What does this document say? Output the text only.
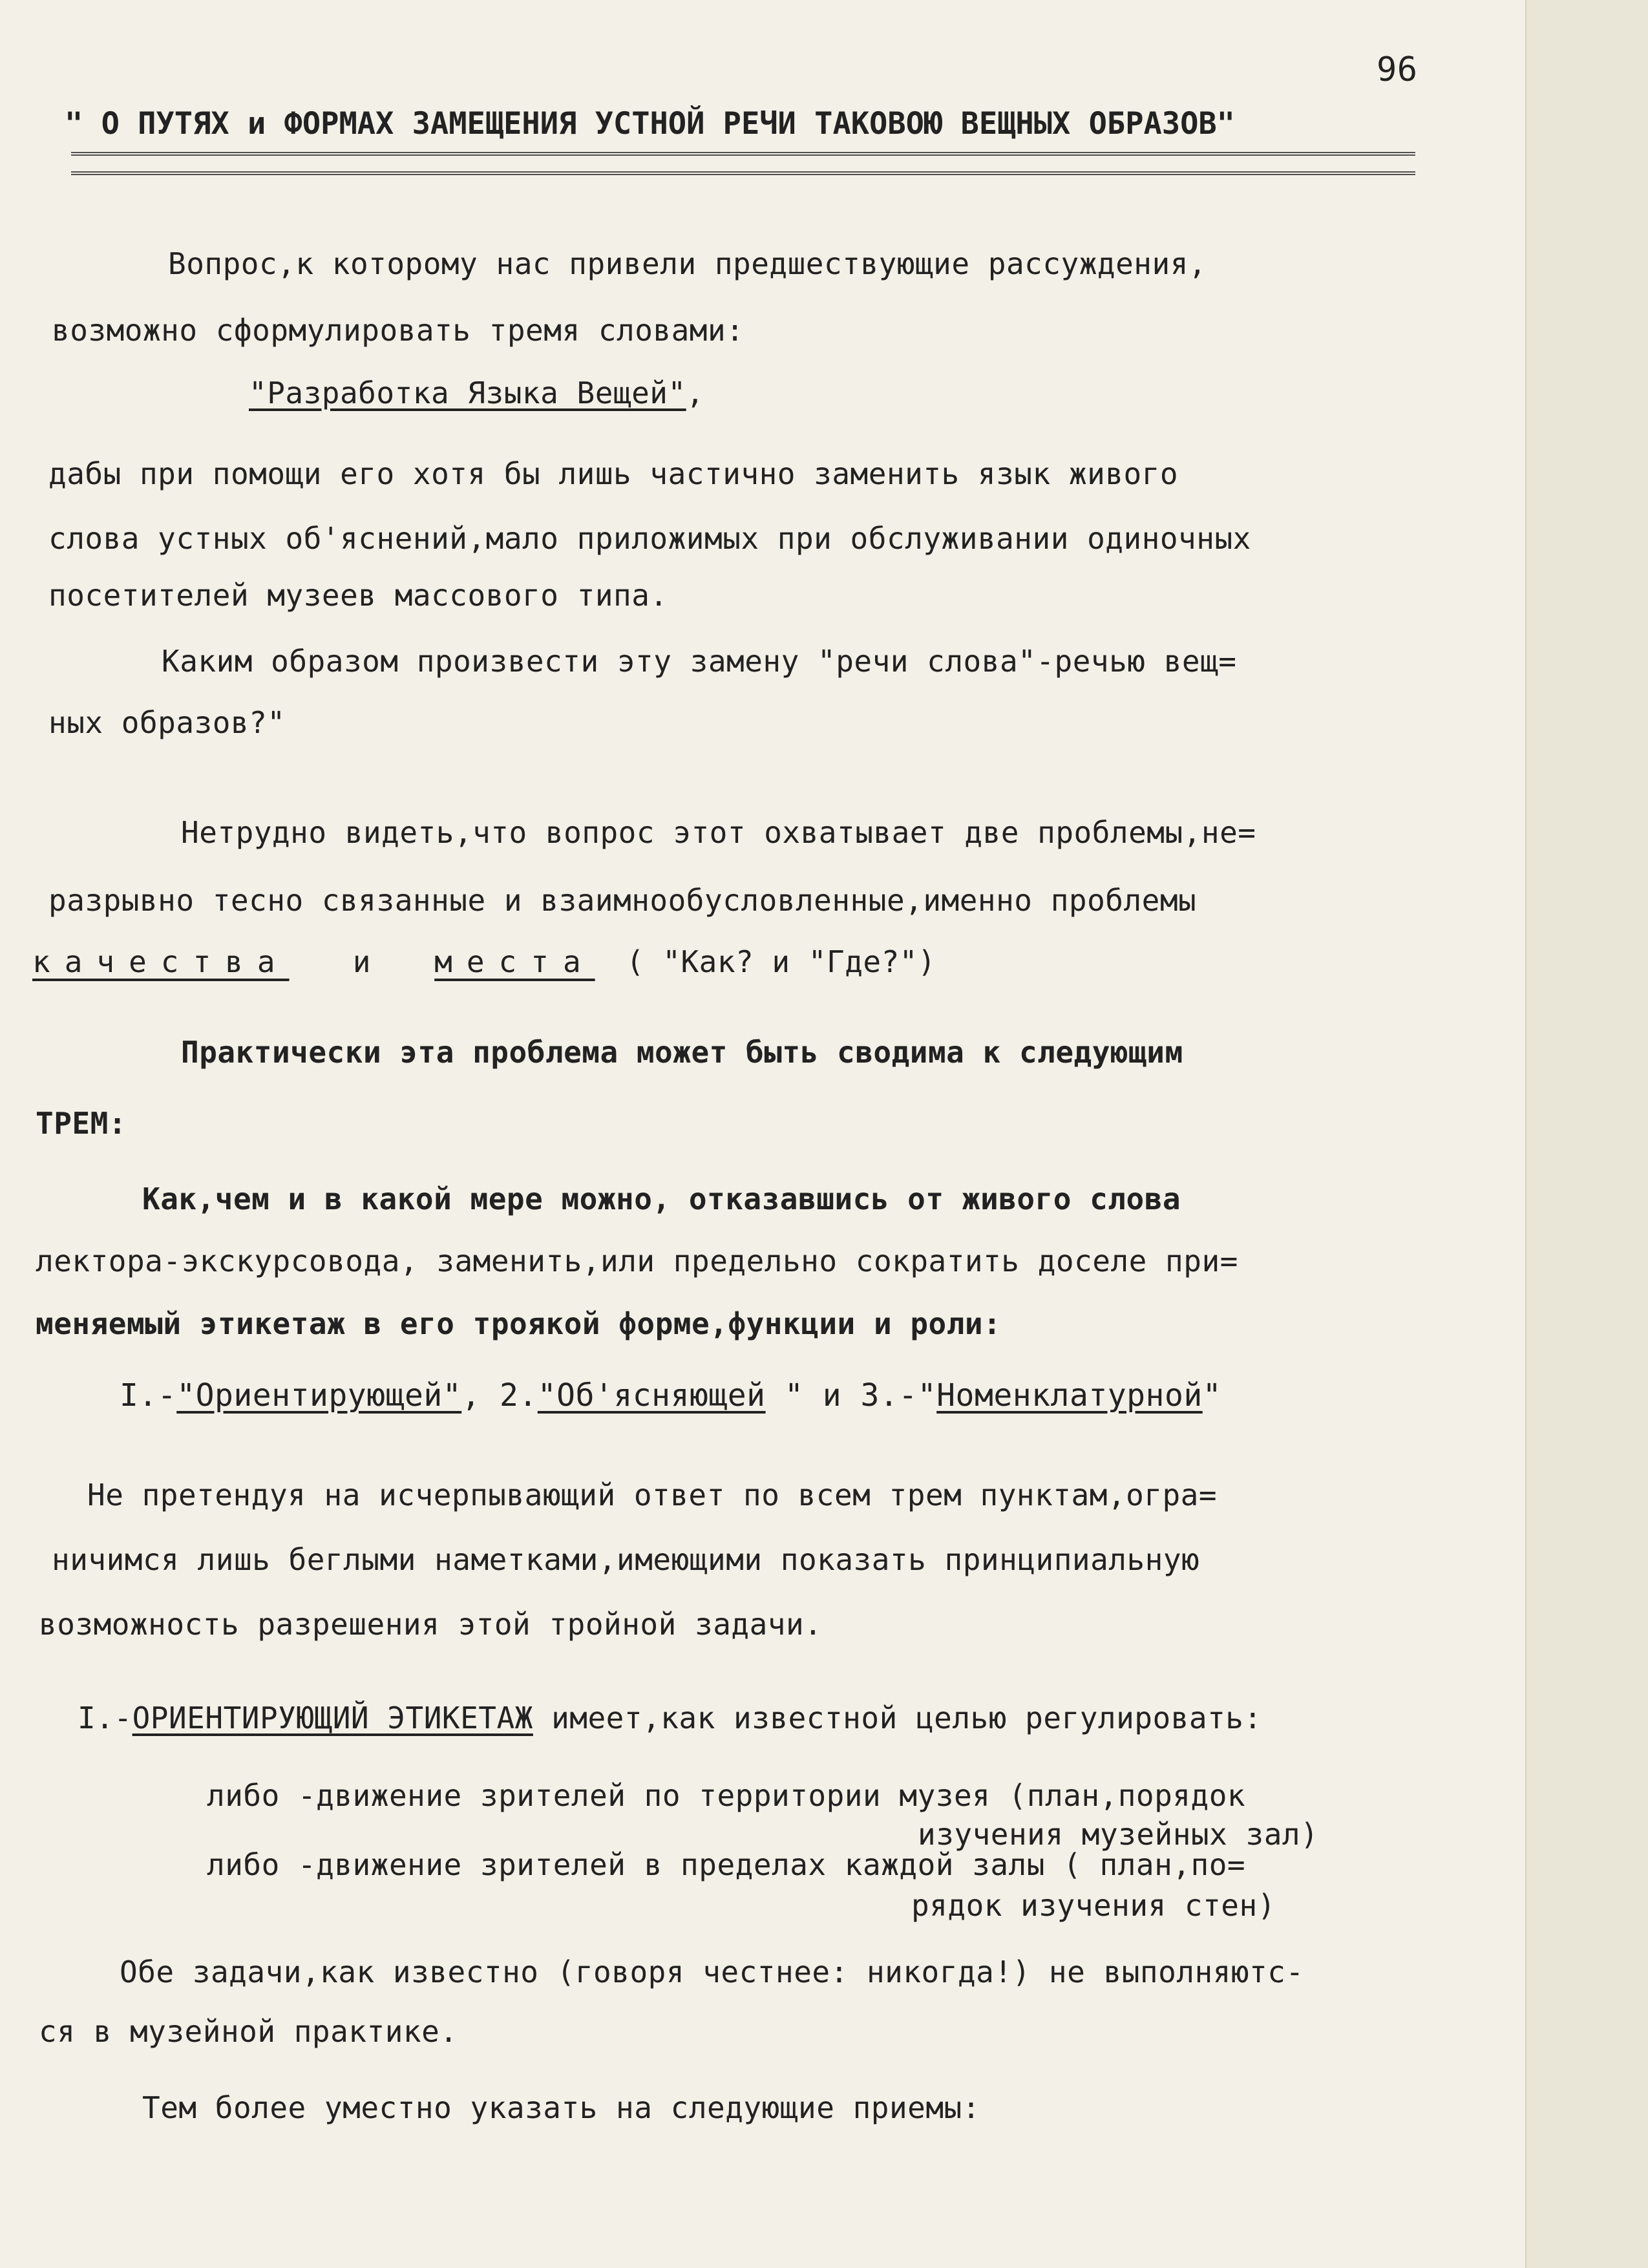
96
" О ПУТЯХ и ФОРМАХ ЗАМЕЩЕНИЯ УСТНОЙ РЕЧИ ТАКОВОЮ ВЕЩНЫХ ОБРАЗОВ"
Вопрос,к которому нас привели предшествующие рассуждения,
возможно сформулировать тремя словами:
"Разработка Языка Вещей",
дабы при помощи его хотя бы лишь частично заменить язык живого
слова устных об'яснений,мало приложимых при обслуживании одиночных
посетителей музеев массового типа.
Каким образом произвести эту замену "речи слова"-речью вещ=
ных образов?"
Нетрудно видеть,что вопрос этот охватывает две проблемы,не=
разрывно тесно связанные и взаимнообусловленные,именно проблемы
качества и места ( "Как? и "Где?")
Практически эта проблема может быть сводима к следующим
ТРЕМ:
Как,чем и в какой мере можно, отказавшись от живого слова
лектора-экскурсовода, заменить,или предельно сократить доселе при=
меняемый этикетаж в его троякой форме,функции и роли:
I.-"Ориентирующей", 2."Об'ясняющей " и 3.-"Номенклатурной"
Не претендуя на исчерпывающий ответ по всем трем пунктам,огра=
ничимся лишь беглыми наметками,имеющими показать принципиальную
возможность разрешения этой тройной задачи.
I.-ОРИЕНТИРУЮЩИЙ ЭТИКЕТАЖ имеет,как известной целью регулировать:
либо -движение зрителей по территории музея (план,порядок
изучения музейных зал)
либо -движение зрителей в пределах каждой залы ( план,по=
рядок изучения стен)
Обе задачи,как известно (говоря честнее: никогда!) не выполняютс-
ся в музейной практике.
Тем более уместно указать на следующие приемы:
